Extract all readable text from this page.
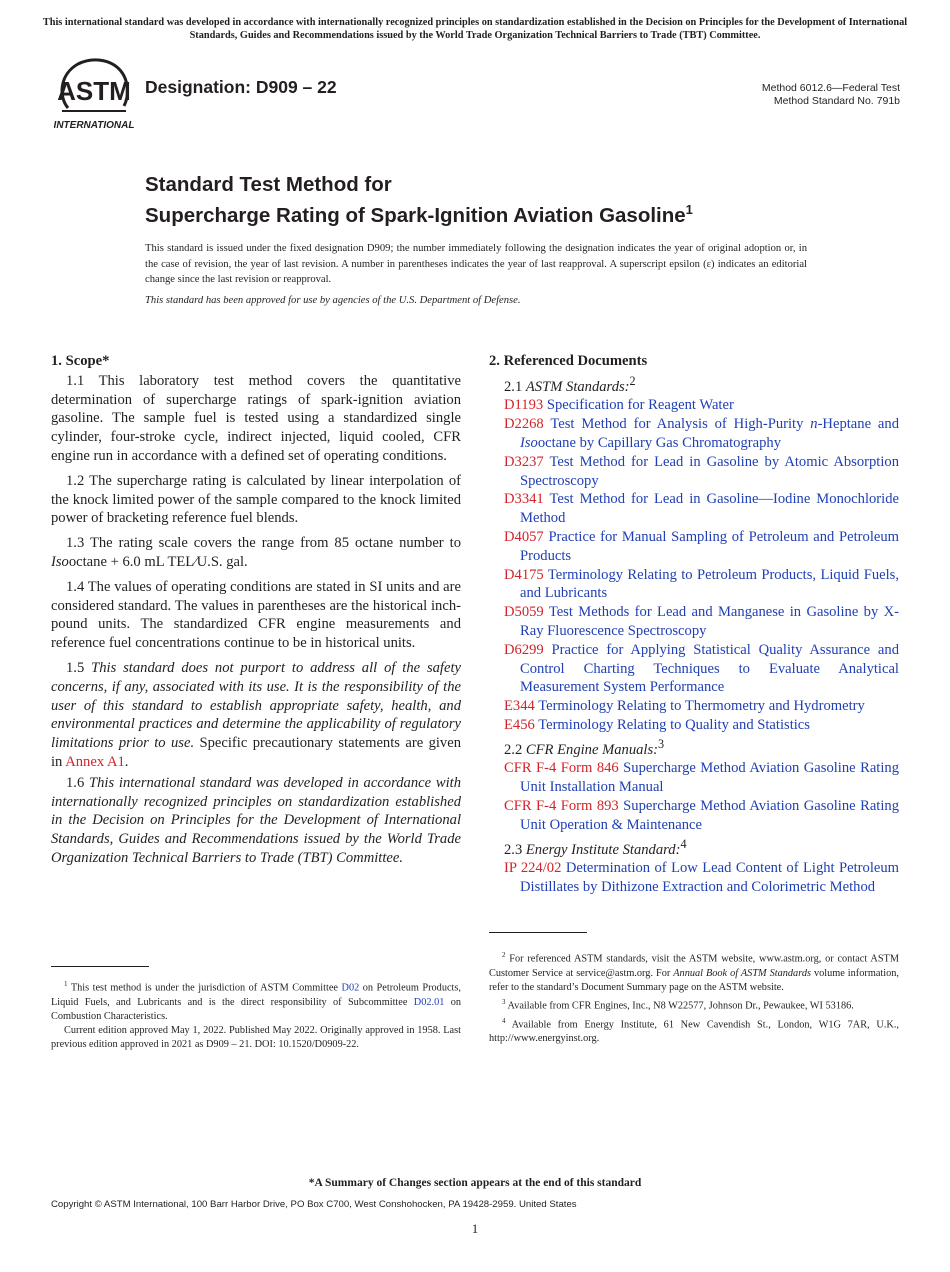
This international standard was developed in accordance with internationally recognized principles on standardization established in the Decision on Principles for the Development of International Standards, Guides and Recommendations issued by the World Trade Organization Technical Barriers to Trade (TBT) Committee.
ASTM
INTERNATIONAL
Designation: D909 – 22	Method 6012.6—Federal Test
Method Standard No. 791b
Standard Test Method for
Supercharge Rating of Spark-Ignition Aviation Gasoline$^1$
This standard is issued under the fixed designation D909; the number immediately following the designation indicates the year of original adoption or, in the case of revision, the year of last revision. A number in parentheses indicates the year of last reapproval. A superscript epsilon (ε) indicates an editorial change since the last revision or reapproval.
This standard has been approved for use by agencies of the U.S. Department of Defense.

1. Scope*

1.1 This laboratory test method covers the quantitative determination of supercharge ratings of spark-ignition aviation gasoline. The sample fuel is tested using a standardized single cylinder, four-stroke cycle, indirect injected, liquid cooled, CFR engine run in accordance with a defined set of operating conditions.

1.2 The supercharge rating is calculated by linear interpolation of the knock limited power of the sample compared to the knock limited power of bracketing reference fuel blends.

1.3 The rating scale covers the range from 85 octane number to Isooctane + 6.0 mL TEL∕U.S. gal.

1.4 The values of operating conditions are stated in SI units and are considered standard. The values in parentheses are the historical inch-pound units. The standardized CFR engine measurements and reference fuel concentrations continue to be in historical units.

1.5 This standard does not purport to address all of the safety concerns, if any, associated with its use. It is the responsibility of the user of this standard to establish appropriate safety, health, and environmental practices and determine the applicability of regulatory limitations prior to use. Specific precautionary statements are given in Annex A1.

1.6 This international standard was developed in accordance with internationally recognized principles on standardization established in the Decision on Principles for the Development of International Standards, Guides and Recommendations issued by the World Trade Organization Technical Barriers to Trade (TBT) Committee.

2. Referenced Documents

2.1 ASTM Standards:$^2$

D1193 Specification for Reagent Water

D2268 Test Method for Analysis of High-Purity n-Heptane and Isooctane by Capillary Gas Chromatography

D3237 Test Method for Lead in Gasoline by Atomic Absorption Spectroscopy

D3341 Test Method for Lead in Gasoline—Iodine Monochloride Method

D4057 Practice for Manual Sampling of Petroleum and Petroleum Products

D4175 Terminology Relating to Petroleum Products, Liquid Fuels, and Lubricants

D5059 Test Methods for Lead and Manganese in Gasoline by X-Ray Fluorescence Spectroscopy

D6299 Practice for Applying Statistical Quality Assurance and Control Charting Techniques to Evaluate Analytical Measurement System Performance

E344 Terminology Relating to Thermometry and Hydrometry

E456 Terminology Relating to Quality and Statistics

2.2 CFR Engine Manuals:$^3$

CFR F-4 Form 846 Supercharge Method Aviation Gasoline Rating Unit Installation Manual

CFR F-4 Form 893 Supercharge Method Aviation Gasoline Rating Unit Operation & Maintenance

2.3 Energy Institute Standard:$^4$

IP 224/02 Determination of Low Lead Content of Light Petroleum Distillates by Dithizone Extraction and Colorimetric Method

$^1$ This test method is under the jurisdiction of ASTM Committee D02 on Petroleum Products, Liquid Fuels, and Lubricants and is the direct responsibility of Subcommittee D02.01 on Combustion Characteristics.

Current edition approved May 1, 2022. Published May 2022. Originally approved in 1958. Last previous edition approved in 2021 as D909 – 21. DOI: 10.1520/D0909-22.

$^2$ For referenced ASTM standards, visit the ASTM website, www.astm.org, or contact ASTM Customer Service at service@astm.org. For Annual Book of ASTM Standards volume information, refer to the standard’s Document Summary page on the ASTM website.

$^3$ Available from CFR Engines, Inc., N8 W22577, Johnson Dr., Pewaukee, WI 53186.

$^4$ Available from Energy Institute, 61 New Cavendish St., London, W1G 7AR, U.K., http://www.energyinst.org.

*A Summary of Changes section appears at the end of this standard
Copyright © ASTM International, 100 Barr Harbor Drive, PO Box C700, West Conshohocken, PA 19428-2959. United States
1
